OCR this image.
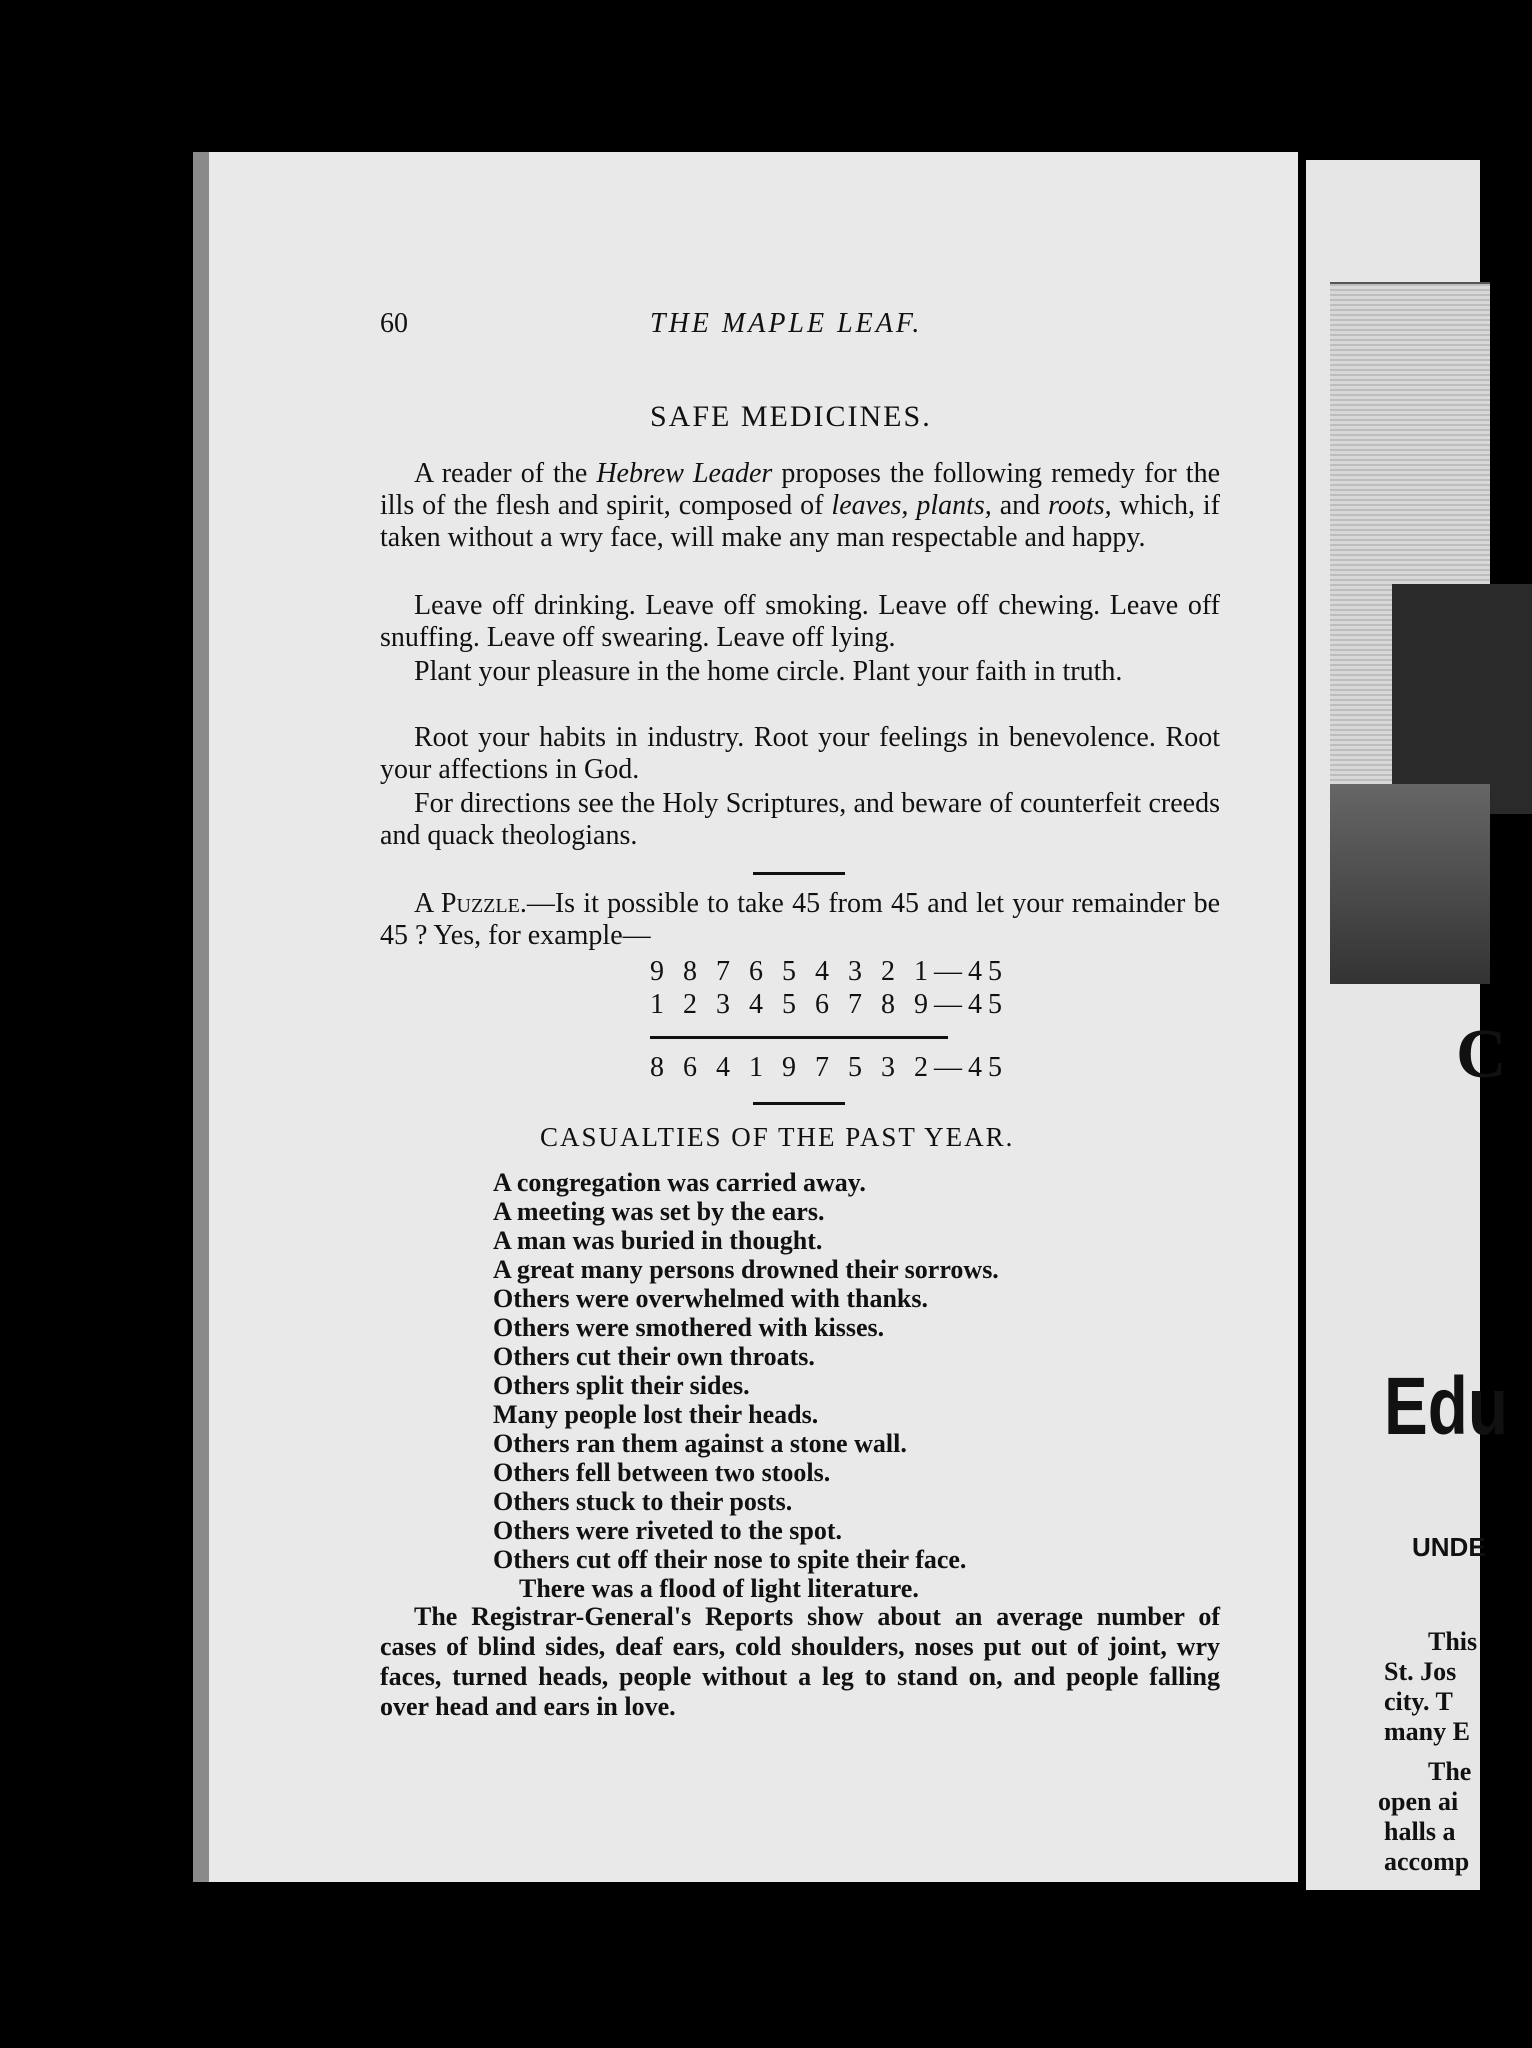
C
Edu
UNDE
This
St. Jos
city. T
many E
The
open ai
halls a
accomp
60	THE MAPLE LEAF.
SAFE MEDICINES.
A reader of the Hebrew Leader proposes the following remedy for the ills of the flesh and spirit, composed of leaves, plants, and roots, which, if taken without a wry face, will make any man respectable and happy.
Leave off drinking. Leave off smoking. Leave off chewing. Leave off snuffing. Leave off swearing. Leave off lying.
Plant your pleasure in the home circle. Plant your faith in truth.
Root your habits in industry. Root your feelings in benevolence. Root your affections in God.
For directions see the Holy Scriptures, and beware of counterfeit creeds and quack theologians.
A Puzzle.—Is it possible to take 45 from 45 and let your remainder be 45 ? Yes, for example—
9 8 7 6 5 4 3 2 1—45
1 2 3 4 5 6 7 8 9—45
8 6 4 1 9 7 5 3 2—45
CASUALTIES OF THE PAST YEAR.
A congregation was carried away.
A meeting was set by the ears.
A man was buried in thought.
A great many persons drowned their sorrows.
Others were overwhelmed with thanks.
Others were smothered with kisses.
Others cut their own throats.
Others split their sides.
Many people lost their heads.
Others ran them against a stone wall.
Others fell between two stools.
Others stuck to their posts.
Others were riveted to the spot.
Others cut off their nose to spite their face.
There was a flood of light literature.
The Registrar-General's Reports show about an average number of cases of blind sides, deaf ears, cold shoulders, noses put out of joint, wry faces, turned heads, people without a leg to stand on, and people falling over head and ears in love.
